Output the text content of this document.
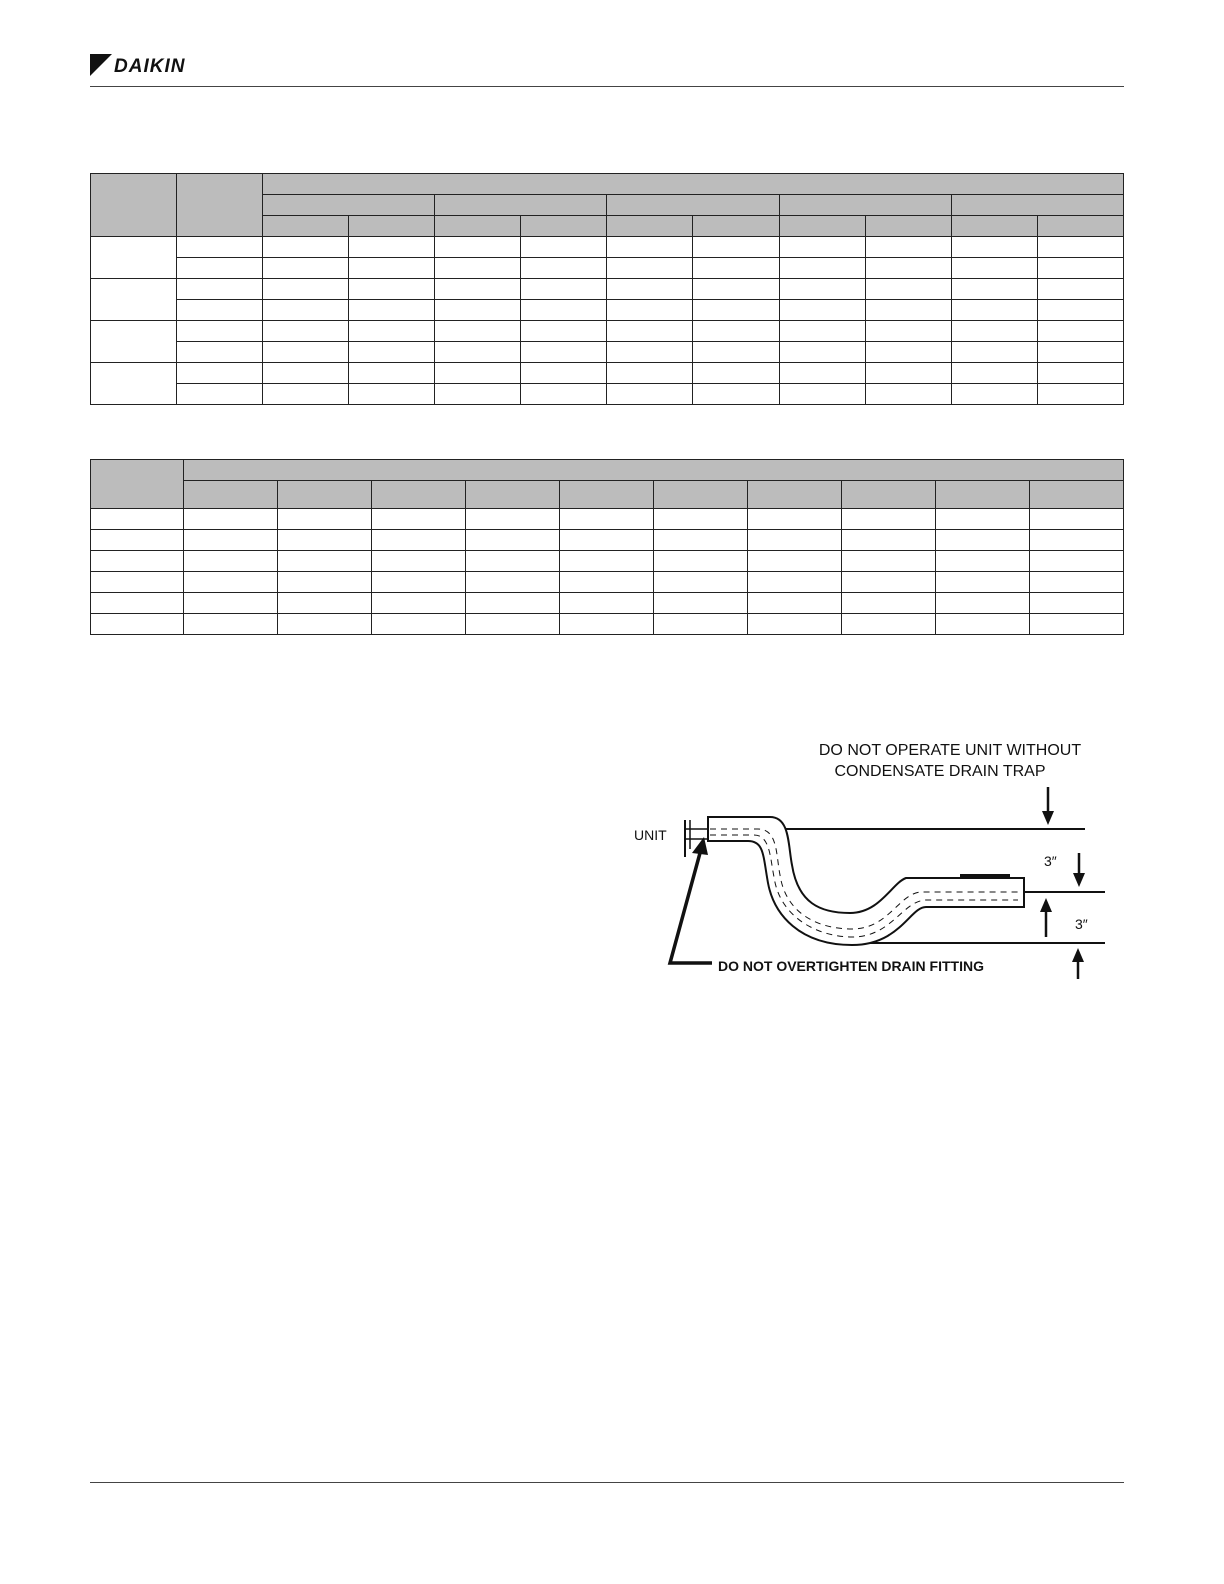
DAIKIN

DO NOT OPERATE UNIT WITHOUT
CONDENSATE DRAIN TRAP
UNIT
3″
3″
DO NOT OVERTIGHTEN DRAIN FITTING
